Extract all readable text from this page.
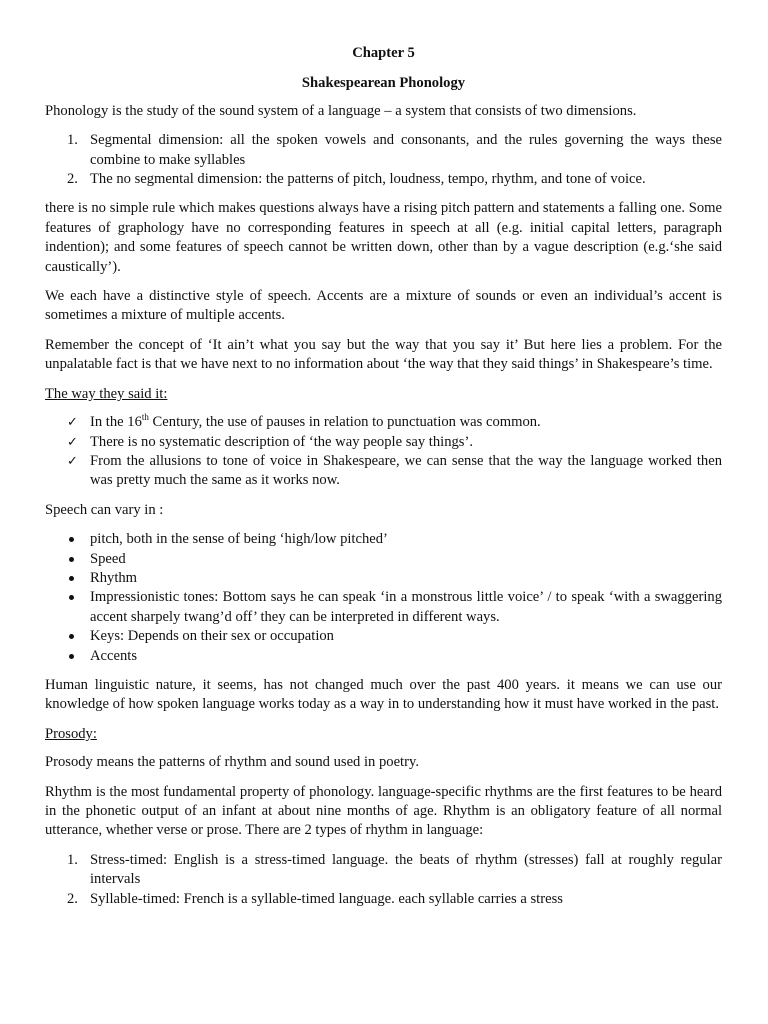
Chapter 5
Shakespearean Phonology

Phonology is the study of the sound system of a language – a system that consists of two dimensions.

1. Segmental dimension: all the spoken vowels and consonants, and the rules governing the ways these combine to make syllables
2. The no segmental dimension: the patterns of pitch, loudness, tempo, rhythm, and tone of voice.

there is no simple rule which makes questions always have a rising pitch pattern and statements a falling one. Some features of graphology have no corresponding features in speech at all (e.g. initial capital letters, paragraph indention); and some features of speech cannot be written down, other than by a vague description (e.g.‘she said caustically’).

We each have a distinctive style of speech. Accents are a mixture of sounds or even an individual’s accent is sometimes a mixture of multiple accents.

Remember the concept of ‘It ain’t what you say but the way that you say it’ But here lies a problem. For the unpalatable fact is that we have next to no information about ‘the way that they said things’ in Shakespeare’s time.

The way they said it:

✓ In the 16th Century, the use of pauses in relation to punctuation was common.
✓ There is no systematic description of ‘the way people say things’.
✓ From the allusions to tone of voice in Shakespeare, we can sense that the way the language worked then was pretty much the same as it works now.

Speech can vary in :

pitch, both in the sense of being ‘high/low pitched’
Speed
Rhythm
Impressionistic tones: Bottom says he can speak ‘in a monstrous little voice’ / to speak ‘with a swaggering accent sharpely twang’d off’ they can be interpreted in different ways.
Keys: Depends on their sex or occupation
Accents

Human linguistic nature, it seems, has not changed much over the past 400 years. it means we can use our knowledge of how spoken language works today as a way in to understanding how it must have worked in the past.

Prosody:

Prosody means the patterns of rhythm and sound used in poetry.

Rhythm is the most fundamental property of phonology. language-specific rhythms are the first features to be heard in the phonetic output of an infant at about nine months of age. Rhythm is an obligatory feature of all normal utterance, whether verse or prose. There are 2 types of rhythm in language:

1. Stress-timed: English is a stress-timed language. the beats of rhythm (stresses) fall at roughly regular intervals
2. Syllable-timed: French is a syllable-timed language. each syllable carries a stress
